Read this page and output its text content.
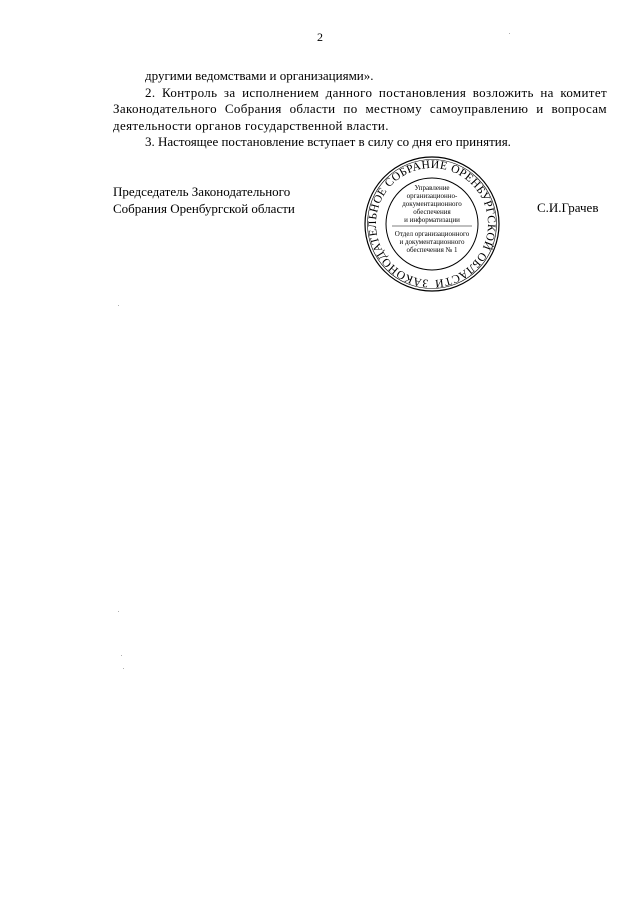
2

другими ведомствами и организациями».

2. Контроль за исполнением данного постановления возложить на комитет Законодательного Собрания области по местному самоуправлению и вопросам деятельности органов государственной власти.

3. Настоящее постановление вступает в силу со дня его принятия.

Председатель Законодательного
Собрания Оренбургской области
ЗАКОНОДАТЕЛЬНОЕ СОБРАНИЕ ОРЕНБУРГСКОЙ ОБЛАСТИ
Управление
организационно-
документационного
обеспечения
и информатизации
Отдел организационного
и документационного
обеспечения № 1
С.И.Грачев
